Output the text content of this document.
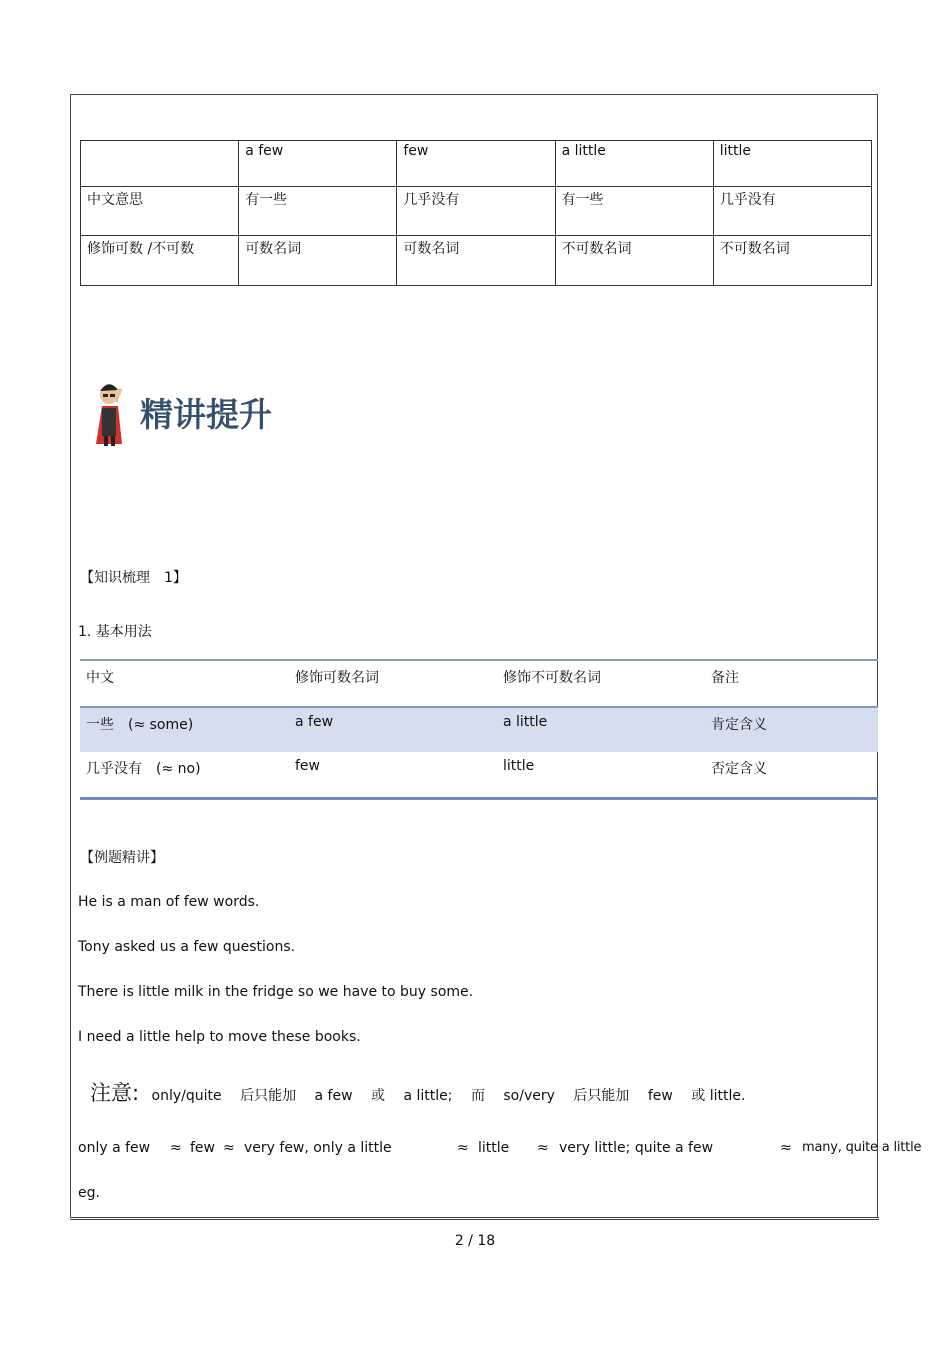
	a few	few	a little	little
中文意思	有一些	几乎没有	有一些	几乎没有
修饰可数 /不可数	可数名词	可数名词	不可数名词	不可数名词
精讲提升
【知识梳理　1】
1. 基本用法
中文	修饰可数名词	修饰不可数名词	备注
一些　(≈ some)	a few	a little	肯定含义
几乎没有　(≈ no)	few	little	否定含义
【例题精讲】
He is a man of few words.
Tony asked us a few questions.
There is little milk in the fridge so we have to buy some.
I need a little help to move these books.
注意: only/quite 后只能加 a few 或 a little; 而 so/very 后只能加 few 或 little.
only a few ≈ few ≈ very few, only a little	≈ little ≈ very little; quite a few	≈ many, quite a little
eg.
2 / 18
